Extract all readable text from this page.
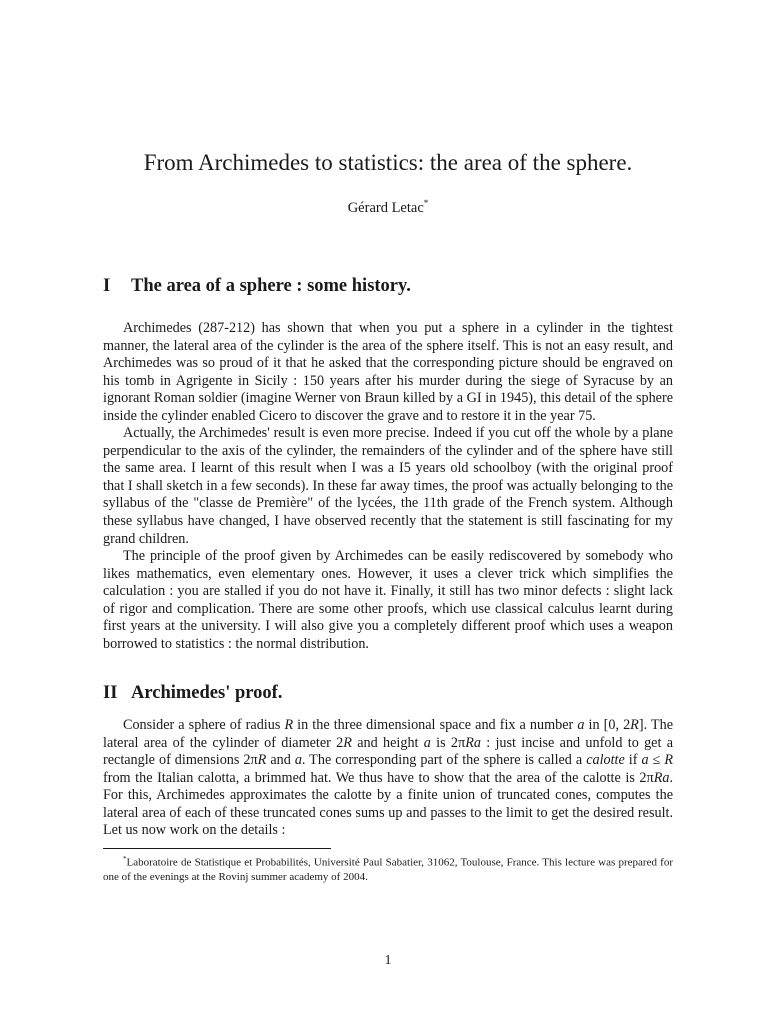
From Archimedes to statistics: the area of the sphere.
Gérard Letac*
I The area of a sphere : some history.

Archimedes (287-212) has shown that when you put a sphere in a cylinder in the tightest manner, the lateral area of the cylinder is the area of the sphere itself. This is not an easy result, and Archimedes was so proud of it that he asked that the corresponding picture should be engraved on his tomb in Agrigente in Sicily : 150 years after his murder during the siege of Syracuse by an ignorant Roman soldier (imagine Werner von Braun killed by a GI in 1945), this detail of the sphere inside the cylinder enabled Cicero to discover the grave and to restore it in the year 75.

Actually, the Archimedes' result is even more precise. Indeed if you cut off the whole by a plane perpendicular to the axis of the cylinder, the remainders of the cylinder and of the sphere have still the same area. I learnt of this result when I was a I5 years old schoolboy (with the original proof that I shall sketch in a few seconds). In these far away times, the proof was actually belonging to the syllabus of the "classe de Première" of the lycées, the 11th grade of the French system. Although these syllabus have changed, I have observed recently that the statement is still fascinating for my grand children.

The principle of the proof given by Archimedes can be easily rediscovered by somebody who likes mathematics, even elementary ones. However, it uses a clever trick which simplifies the calculation : you are stalled if you do not have it. Finally, it still has two minor defects : slight lack of rigor and complication. There are some other proofs, which use classical calculus learnt during first years at the university. I will also give you a completely different proof which uses a weapon borrowed to statistics : the normal distribution.

II Archimedes' proof.

Consider a sphere of radius R in the three dimensional space and fix a number a in [0, 2R]. The lateral area of the cylinder of diameter 2R and height a is 2πRa : just incise and unfold to get a rectangle of dimensions 2πR and a. The corresponding part of the sphere is called a calotte if a ≤ R from the Italian calotta, a brimmed hat. We thus have to show that the area of the calotte is 2πRa. For this, Archimedes approximates the calotte by a finite union of truncated cones, computes the lateral area of each of these truncated cones sums up and passes to the limit to get the desired result. Let us now work on the details :

*Laboratoire de Statistique et Probabilités, Université Paul Sabatier, 31062, Toulouse, France. This lecture was prepared for one of the evenings at the Rovinj summer academy of 2004.

1
